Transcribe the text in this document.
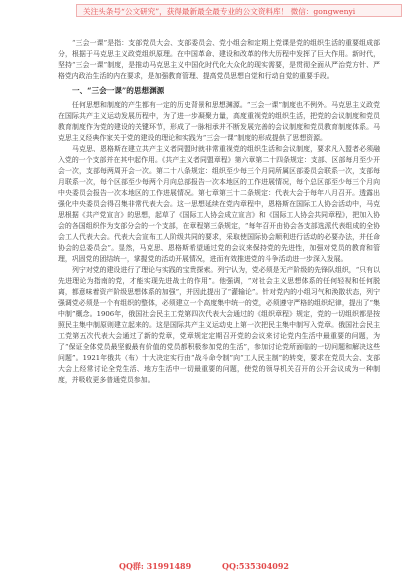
关注头条号“公文研究”，获得最新最全最专业的公文资料库！ 微信：gongwenyi

“三会一课”是指：支部党员大会、支部委员会、党小组会和定期上党课是党的组织生活的重要组成部分，根据于马克思主义政党组织原理。在中国革命、建设和改革的伟大历程中发挥了巨大作用。新时代，坚持“三会一课”制度，是推动马克思主义中国化时代化大众化的现实需要，是贯彻全面从严治党方针、严格党内政治生活的内在要求，是加强教育管理、提高党员思想自觉和行动自觉的重要手段。

一、“三会一课”的思想渊源

任何思想和制度的产生都有一定的历史背景和思想渊源。“三会一课”制度也不例外。马克思主义政党在国际共产主义运动发展历程中，为了进一步凝聚力量，高度重视党的组织生活，把党的会议制度和党员教育制度作为党的建设的关键环节，形成了一脉相承并不断发展完善的会议制度和党员教育制度体系。马克思主义经典作家关于党的建设的理论和实践为“三会一课”制度的形成提供了思想资源。

马克思、恩格斯在建立共产主义者同盟时就非常重视党的组织生活和会议制度，要求凡入盟者必须融入党的一个支部并在其中起作用。《共产主义者同盟章程》第六章第二十四条规定：支部、区部每月至少开会一次，支部每两周开会一次。第二十八条规定：组织至少每三个月同所属区部委员会联系一次，支部每月联系一次，每个区部至少每两个月向总部报告一次本地区的工作进展情况，每个总区部至少每三个月向中央委员会报告一次本地区的工作进展情况。第七章第三十二条规定：代表大会于每年八月召开。透露出强化中央委员会得召集非常代表大会。这一思想延续在党内章程中，恩格斯在国际工人协会活动中，马克思根据《共产党宣言》的思想，起草了《国际工人协会成立宣言》和《国际工人协会共同章程》，把加入协会的各国组织作为支部分会的一个支部，在章程第三条规定，“每年召开由协会各支部选派代表组成的全协会工人代表大会。代表大会宣布工人阶级共同的要求，采取使国际协会顺利进行活动的必要办法，并任命协会的总委员会”。显然，马克思、恩格斯希望通过党的会议来保持党的先进性，加强对党员的教育和管理，巩固党的团结统一，掌握党的活动开展情况，进而有效推进党的斗争活动进一步深入发展。

列宁对党的建设进行了理论与实践的宝贵探索。列宁认为，党必须是无产阶级的先锋队组织，“只有以先进理论为指南的党，才能实现先进战士的作用”。他强调，“对社会主义思想体系的任何轻视和任何脱离，都意味着资产阶级思想体系的加强”，并因此提出了“灌输论”。针对党内的小组习气和涣散状态，列宁强调党必须是一个有组织的整体，必须建立一个高度集中统一的党，必须遵守严格的组织纪律，提出了“集中制”概念。1906年，俄国社会民主工党第四次代表大会通过的《组织章程》规定，党的一切组织都是按照民主集中制原则建立起来的。这是国际共产主义运动史上第一次把民主集中制写入党章。俄国社会民主工党第五次代表大会通过了新的党章，党章规定定期召开党的会议来讨论党内生活中最重要的问题，为了“保证全体党员最坚毅最有价值的党员都积极参加党的生活”，参加讨论党所面临的一切问题和解决这些问题”。1921年俄共（布）十大决定实行由“战斗命令制”向“工人民主制”的转变，要求在党员大会、支部大会上经常讨论全党生活、地方生活中一切最重要的问题，使党的领导机关召开的公开会议成为一种制度，并吸收更多普通党员参加。

QQ群: 31991489	QQ:535304092
